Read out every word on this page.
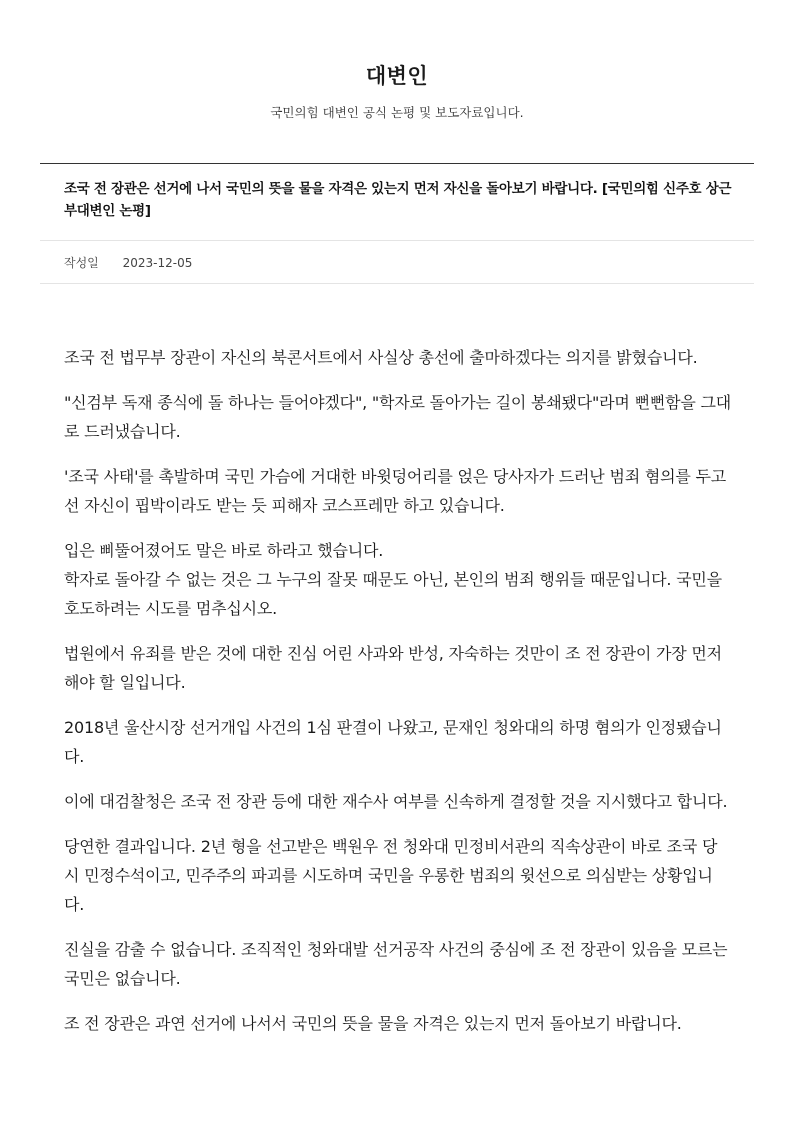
대변인
국민의힘 대변인 공식 논평 및 보도자료입니다.
조국 전 장관은 선거에 나서 국민의 뜻을 물을 자격은 있는지 먼저 자신을 돌아보기 바랍니다. [국민의힘 신주호 상근부대변인 논평]
작성일 2023-12-05

조국 전 법무부 장관이 자신의 북콘서트에서 사실상 총선에 출마하겠다는 의지를 밝혔습니다.

"신검부 독재 종식에 돌 하나는 들어야겠다", "학자로 돌아가는 길이 봉쇄됐다"라며 뻔뻔함을 그대로 드러냈습니다.

'조국 사태'를 촉발하며 국민 가슴에 거대한 바윗덩어리를 얹은 당사자가 드러난 범죄 혐의를 두고선 자신이 핍박이라도 받는 듯 피해자 코스프레만 하고 있습니다.

입은 삐뚤어졌어도 말은 바로 하라고 했습니다.
학자로 돌아갈 수 없는 것은 그 누구의 잘못 때문도 아닌, 본인의 범죄 행위들 때문입니다. 국민을 호도하려는 시도를 멈추십시오.

법원에서 유죄를 받은 것에 대한 진심 어린 사과와 반성, 자숙하는 것만이 조 전 장관이 가장 먼저 해야 할 일입니다.

2018년 울산시장 선거개입 사건의 1심 판결이 나왔고, 문재인 청와대의 하명 혐의가 인정됐습니다.

이에 대검찰청은 조국 전 장관 등에 대한 재수사 여부를 신속하게 결정할 것을 지시했다고 합니다.

당연한 결과입니다. 2년 형을 선고받은 백원우 전 청와대 민정비서관의 직속상관이 바로 조국 당시 민정수석이고, 민주주의 파괴를 시도하며 국민을 우롱한 범죄의 윗선으로 의심받는 상황입니다.

진실을 감출 수 없습니다. 조직적인 청와대발 선거공작 사건의 중심에 조 전 장관이 있음을 모르는 국민은 없습니다.

조 전 장관은 과연 선거에 나서서 국민의 뜻을 물을 자격은 있는지 먼저 돌아보기 바랍니다.
